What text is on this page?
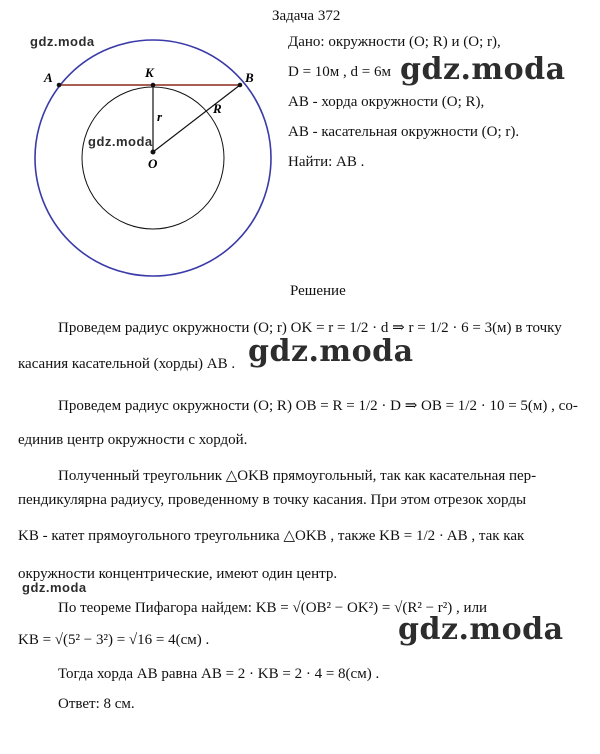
Задача 372
A	B
K
O
r
R
Дано: окружности (O; R) и (O; r),
D = 10м , d = 6м
AB - хорда окружности (O; R),
AB - касательная окружности (O; r).
Найти: AB .
Решение
Проведем радиус окружности (O; r) OK = r = 1/2 · d ⇒ r = 1/2 · 6 = 3(м) в точку
касания касательной (хорды) AB .
Проведем радиус окружности (O; R) OB = R = 1/2 · D ⇒ OB = 1/2 · 10 = 5(м) , со-
единив центр окружности с хордой.
Полученный треугольник △OKB прямоугольный, так как касательная пер-
пендикулярна радиусу, проведенному в точку касания. При этом отрезок хорды
KB - катет прямоугольного треугольника △OKB , также KB = 1/2 · AB , так как
окружности концентрические, имеют один центр.
По теореме Пифагора найдем: KB = √(OB² − OK²) = √(R² − r²) , или
KB = √(5² − 3²) = √16 = 4(см) .
Тогда хорда AB равна AB = 2 · KB = 2 · 4 = 8(см) .
Ответ: 8 см.
gdz.moda
gdz.moda
gdz.moda
gdz.moda
gdz.moda
gdz.moda
